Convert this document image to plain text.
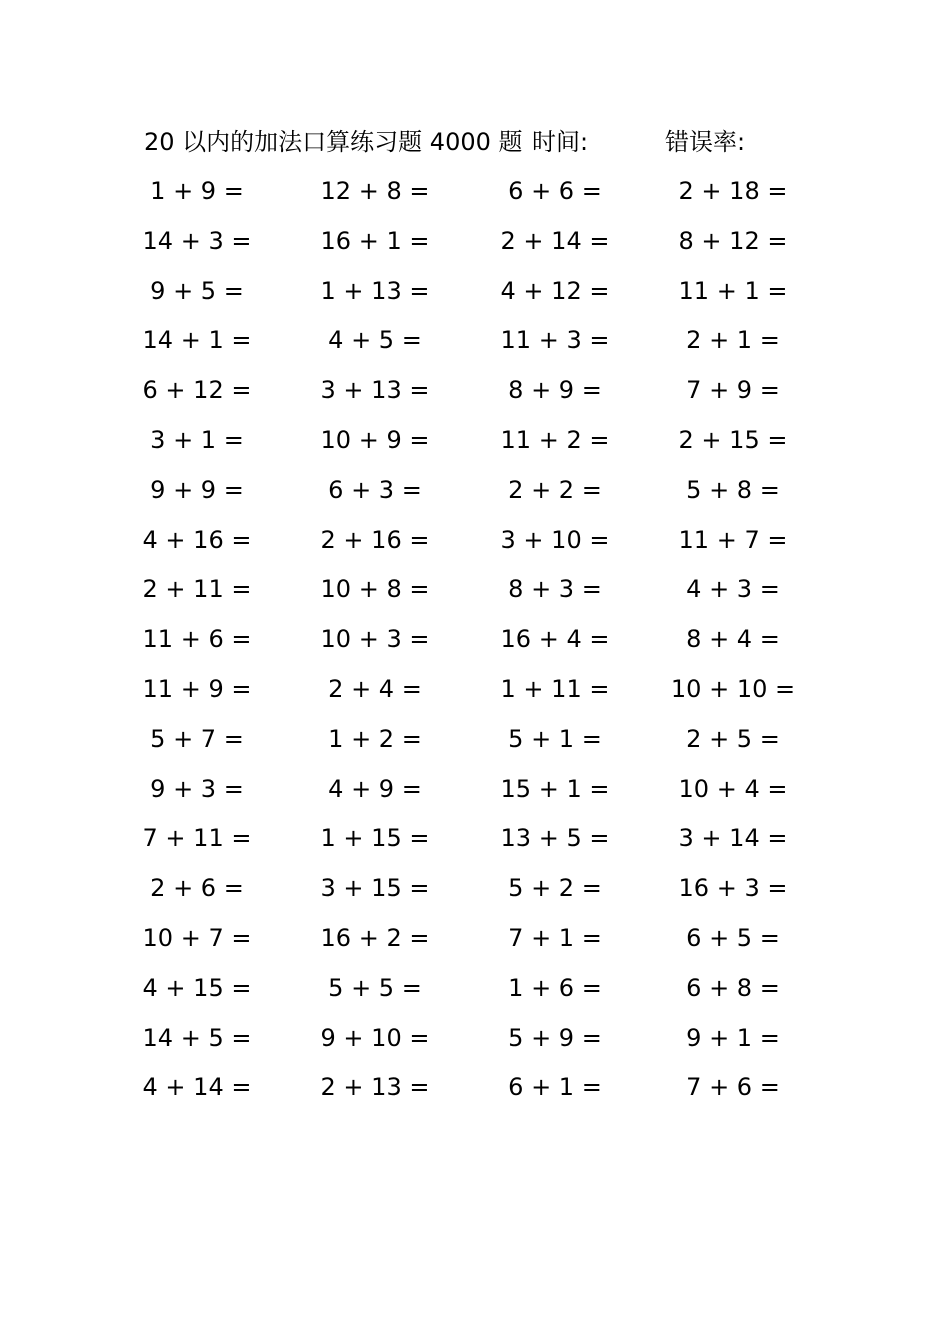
20 以内的加法口算练习题 4000 题 时间:	错误率:
1 + 9 =
14 + 3 =
9 + 5 =
14 + 1 =
6 + 12 =
3 + 1 =
9 + 9 =
4 + 16 =
2 + 11 =
11 + 6 =
11 + 9 =
5 + 7 =
9 + 3 =
7 + 11 =
2 + 6 =
10 + 7 =
4 + 15 =
14 + 5 =
4 + 14 =
12 + 8 =
16 + 1 =
1 + 13 =
4 + 5 =
3 + 13 =
10 + 9 =
6 + 3 =
2 + 16 =
10 + 8 =
10 + 3 =
2 + 4 =
1 + 2 =
4 + 9 =
1 + 15 =
3 + 15 =
16 + 2 =
5 + 5 =
9 + 10 =
2 + 13 =
6 + 6 =
2 + 14 =
4 + 12 =
11 + 3 =
8 + 9 =
11 + 2 =
2 + 2 =
3 + 10 =
8 + 3 =
16 + 4 =
1 + 11 =
5 + 1 =
15 + 1 =
13 + 5 =
5 + 2 =
7 + 1 =
1 + 6 =
5 + 9 =
6 + 1 =
2 + 18 =
8 + 12 =
11 + 1 =
2 + 1 =
7 + 9 =
2 + 15 =
5 + 8 =
11 + 7 =
4 + 3 =
8 + 4 =
10 + 10 =
2 + 5 =
10 + 4 =
3 + 14 =
16 + 3 =
6 + 5 =
6 + 8 =
9 + 1 =
7 + 6 =
